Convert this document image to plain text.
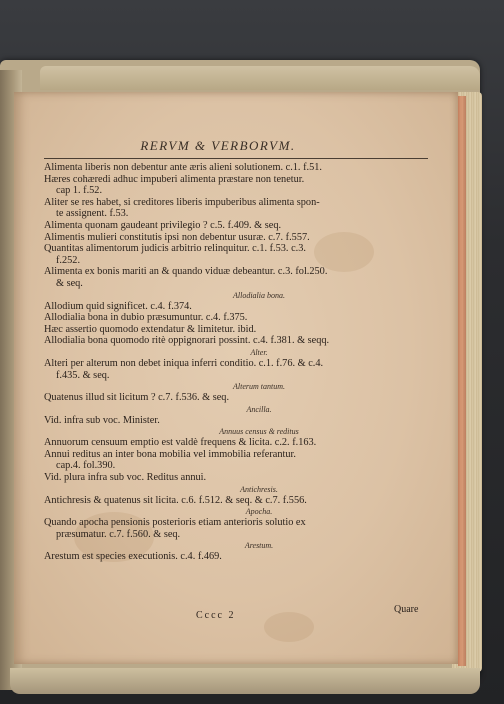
RERVM & VERBORVM.
Alimenta liberis non debentur ante æris alieni solutionem. c.1. f.51.
Hæres cohæredi adhuc impuberi alimenta præstare non tenetur.
cap 1. f.52.
Aliter se res habet, si creditores liberis impuberibus alimenta spon-
te assignent. f.53.
Alimenta quonam gaudeant privilegio ? c.5. f.409. & seq.
Alimentis mulieri constitutis ipsi non debentur usuræ. c.7. f.557.
Quantitas alimentorum judicis arbitrio relinquitur. c.1. f.53. c.3.
f.252.
Alimenta ex bonis mariti an & quando viduæ debeantur. c.3. fol.250.
& seq.
Allodialia bona.
Allodium quid significet. c.4. f.374.
Allodialia bona in dubio præsumuntur. c.4. f.375.
Hæc assertio quomodo extendatur & limitetur. ibid.
Allodialia bona quomodo ritè oppignorari possint. c.4. f.381. & seqq.
Alter.
Alteri per alterum non debet iniqua inferri conditio. c.1. f.76. & c.4.
f.435. & seq.
Alterum tantum.
Quatenus illud sit licitum ? c.7. f.536. & seq.
Ancilla.
Vid. infra sub voc. Minister.
Annuus census & reditus
Annuorum censuum emptio est valdè frequens & licita. c.2. f.163.
Annui reditus an inter bona mobilia vel immobilia referantur.
cap.4. fol.390.
Vid. plura infra sub voc. Reditus annui.
Antichresis.
Antichresis & quatenus sit licita. c.6. f.512. & seq. & c.7. f.556.
Apocha.
Quando apocha pensionis posterioris etiam anterioris solutio ex
præsumatur. c.7. f.560. & seq.
Arestum.
Arestum est species executionis. c.4. f.469.
Cccc 2
Quare
